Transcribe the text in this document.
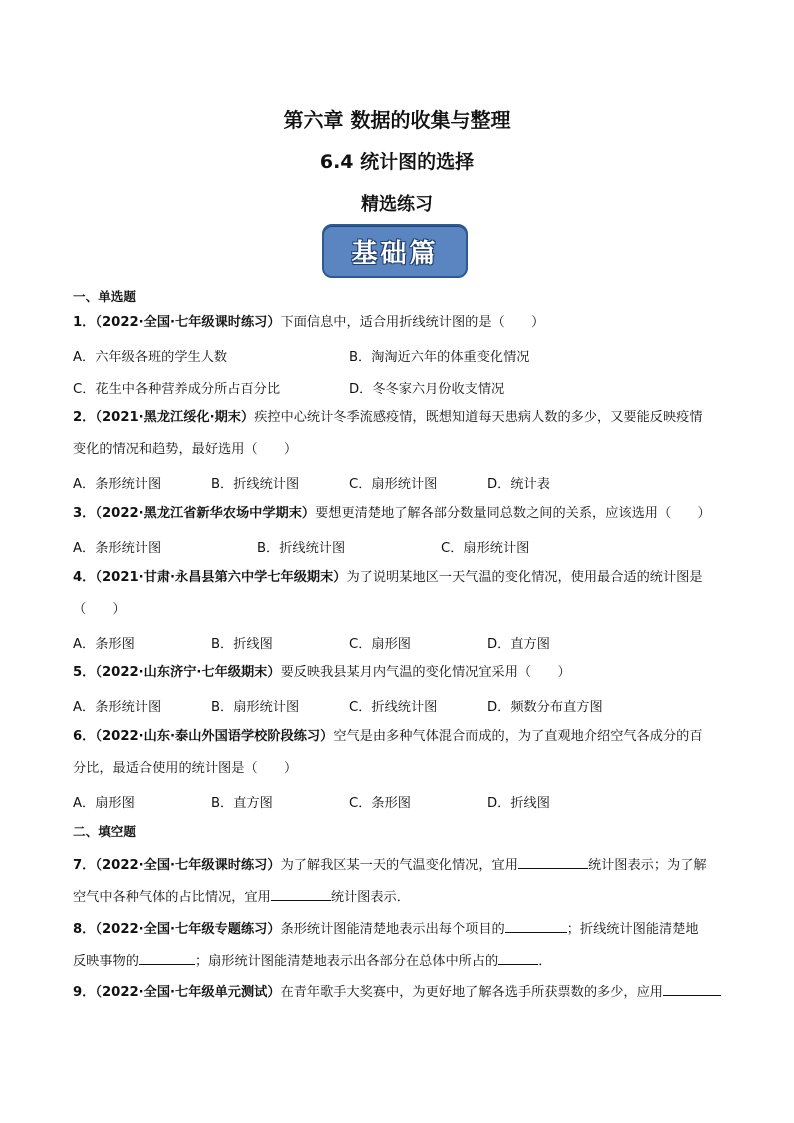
第六章 数据的收集与整理
6.4 统计图的选择
精选练习
基础篇
一、单选题
1．（2022·全国·七年级课时练习）下面信息中，适合用折线统计图的是（　　）
A．六年级各班的学生人数	B．淘淘近六年的体重变化情况
C．花生中各种营养成分所占百分比	D．冬冬家六月份收支情况
2．（2021·黑龙江绥化·期末）疾控中心统计冬季流感疫情，既想知道每天患病人数的多少，又要能反映疫情
变化的情况和趋势，最好选用（　　）
A．条形统计图	B．折线统计图	C．扇形统计图	D．统计表
3．（2022·黑龙江省新华农场中学期末）要想更清楚地了解各部分数量同总数之间的关系，应该选用（　　）
A．条形统计图	B．折线统计图	C．扇形统计图
4．（2021·甘肃·永昌县第六中学七年级期末）为了说明某地区一天气温的变化情况，使用最合适的统计图是
（　　）
A．条形图	B．折线图	C．扇形图	D．直方图
5．（2022·山东济宁·七年级期末）要反映我县某月内气温的变化情况宜采用（　　）
A．条形统计图	B．扇形统计图	C．折线统计图	D．频数分布直方图
6．（2022·山东·泰山外国语学校阶段练习）空气是由多种气体混合而成的，为了直观地介绍空气各成分的百
分比，最适合使用的统计图是（　　）
A．扇形图	B．直方图	C．条形图	D．折线图
二、填空题
7．（2022·全国·七年级课时练习）为了解我区某一天的气温变化情况，宜用	统计图表示；为了解
空气中各种气体的占比情况，宜用	统计图表示．
8．（2022·全国·七年级专题练习）条形统计图能清楚地表示出每个项目的	；折线统计图能清楚地
反映事物的	；扇形统计图能清楚地表示出各部分在总体中所占的	．
9．（2022·全国·七年级单元测试）在青年歌手大奖赛中，为更好地了解各选手所获票数的多少，应用
